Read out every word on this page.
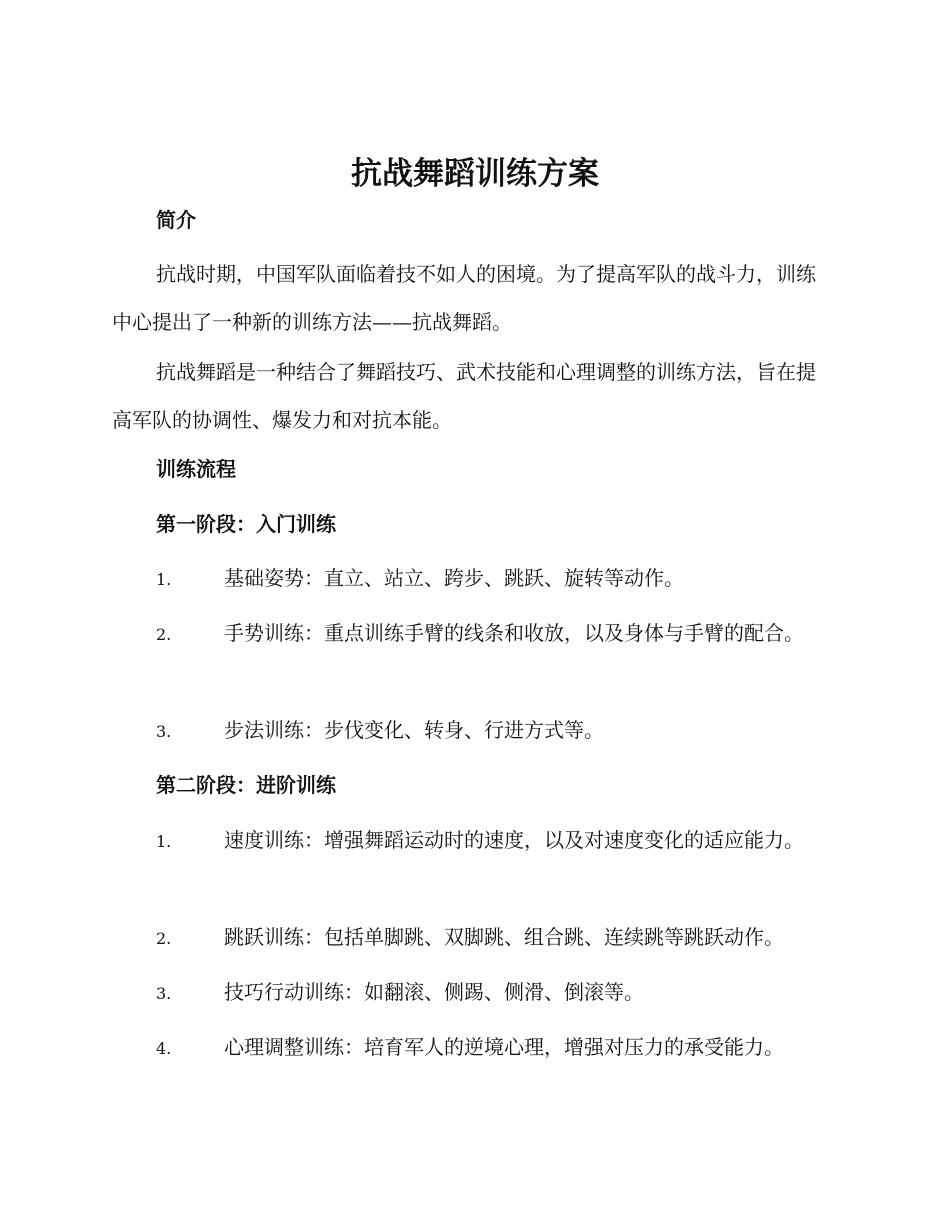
抗战舞蹈训练方案
简介

抗战时期，中国军队面临着技不如人的困境。为了提高军队的战斗力，训练中心提出了一种新的训练方法——抗战舞蹈。

抗战舞蹈是一种结合了舞蹈技巧、武术技能和心理调整的训练方法，旨在提高军队的协调性、爆发力和对抗本能。

训练流程
第一阶段：入门训练
1.	基础姿势：直立、站立、跨步、跳跃、旋转等动作。
2.	手势训练：重点训练手臂的线条和收放，以及身体与手臂的配合。
3.	步法训练：步伐变化、转身、行进方式等。
第二阶段：进阶训练
1.	速度训练：增强舞蹈运动时的速度，以及对速度变化的适应能力。
2.	跳跃训练：包括单脚跳、双脚跳、组合跳、连续跳等跳跃动作。
3.	技巧行动训练：如翻滚、侧踢、侧滑、倒滚等。
4.	心理调整训练：培育军人的逆境心理，增强对压力的承受能力。
